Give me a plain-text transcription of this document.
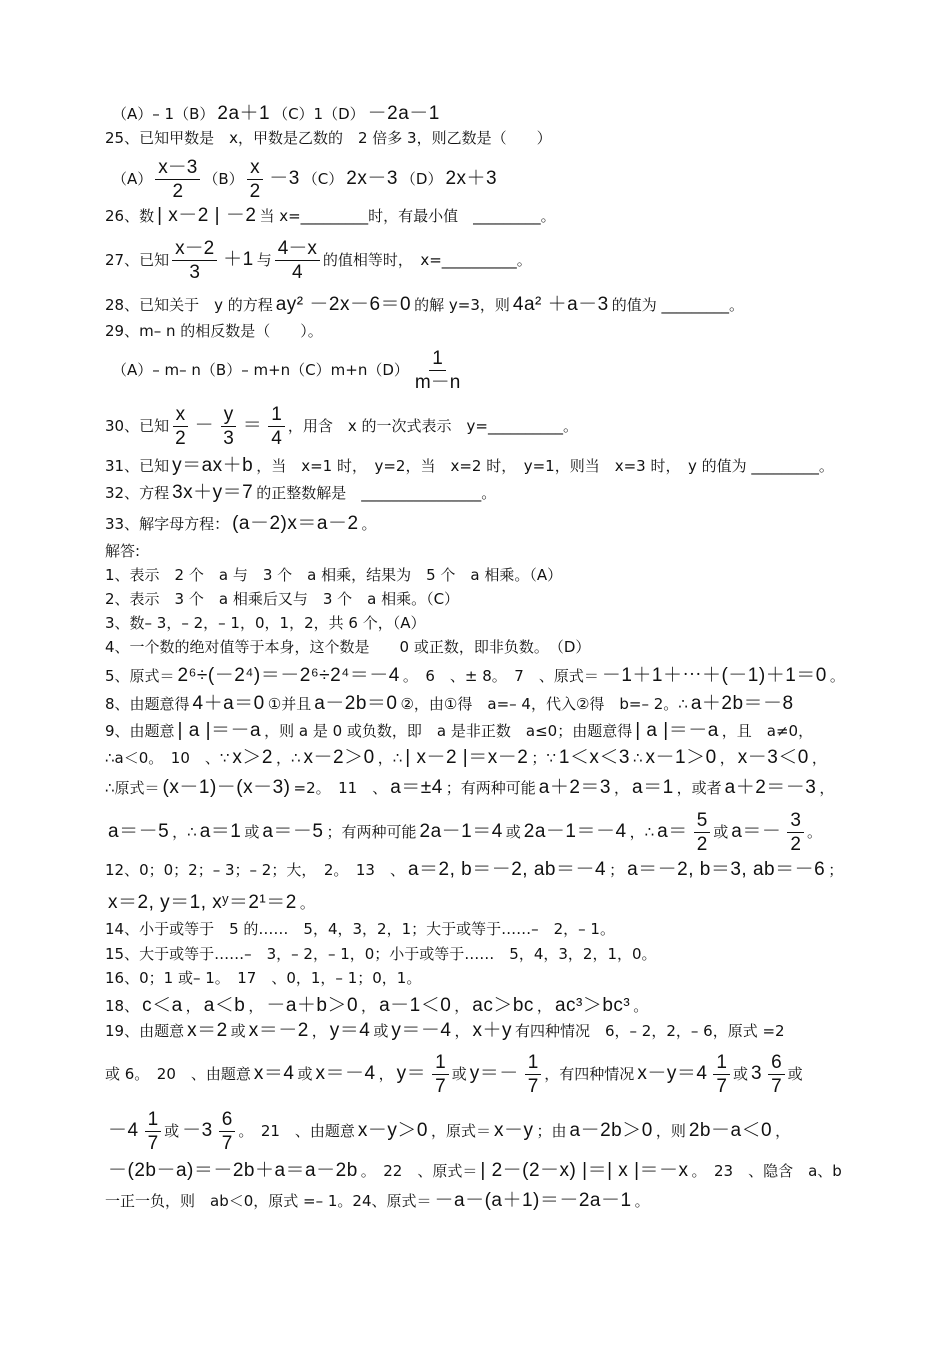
（A）– 1（B） 2a＋1 （C）1（D） －2a－1
25、已知甲数是　x，甲数是乙数的　2 倍多 3，则乙数是（　　）
$(A) \frac{x-3}{2} (B) \frac{x}{2} -3$ （C） 2x－3 （D） 2x＋3
26、数 | x－2 | －2 当 x=_________时，有最小值　_________。
27、已知 $\frac{x-2}{3} +1$ 与 $\frac{4-x}{4}$ 的值相等时，　x=__________。
28、已知关于　y 的方程 ay² －2x－6＝0 的解 y=3，则 4a² ＋a－3 的值为 _________。
29、m– n 的相反数是（　　）。
（A）– m– n（B）– $m+n(C)m+n(D) \frac{1}{m-n}$
30、已知 $\frac{x}{2} - \frac{y}{3} = \frac{1}{4}$ ，用含　x 的一次式表示　y=__________。
31、已知 y＝ax＋b ，当　x=1 时，　y=2，当　x=2 时，　y=1，则当　x=3 时，　y 的值为 _________。
32、方程 3x＋y＝7 的正整数解是　________________。
33、解字母方程： (a－2)x＝a－2 。
解答:
1、表示　2 个　a 与　3 个　a 相乘，结果为　5 个　a 相乘。（A）
2、表示　3 个　a 相乘后又与　3 个　a 相乘。（C）
3、数– 3，– 2，– 1，0，1，2，共 6 个，（A）
4、一个数的绝对值等于本身，这个数是　　0 或正数，即非负数。　（D）
5、原式＝ 2⁶÷(－2⁴)＝－2⁶÷2⁴＝－4 。　6　、± 8。　7　、原式＝ －1＋1＋⋯＋(－1)＋1＝0 。
8、由题意得 4＋a＝0 ①并且 a－2b＝0 ②，由①得　a=– 4，代入②得　b=– 2。∴ a＋2b＝－8
9、由题意 | a |＝－a ，则 a 是 0 或负数，即　a 是非正数　a≤0；由题意得 | a |＝－a ，且　a≠0，
∴a＜0。　10　、∵ x＞2 ，∴ x－2＞0 ，∴ | x－2 |＝x－2 ；∵ 1＜x＜3 ∴ x－1＞0 ， x－3＜0 ，
∴原式＝ (x－1)－(x－3) =2。　11　、 a＝±4 ；有两种可能 a＋2＝3 ， a＝1 ，或者 a＋2＝－3 ，
a＝－5 ，∴ a＝1 或 a＝－5 ；有两种可能 2a－1＝4 或 2a－1＝－4 ，∴ $a= \frac{5}{2}$ 或 $a=- \frac{3}{2}$ 。
12、0；0；2；– 3；– 2；大，　2。　13　、 a＝2, b＝－2, ab＝－4 ； a＝－2, b＝3, ab＝－6 ；
x＝2, y＝1, xʸ＝2¹＝2 。
14、小于或等于　5 的……　5，4，3，2，1；大于或等于……–　2，– 1。
15、大于或等于……–　3，– 2，– 1，0；小于或等于……　5，4，3，2，1，0。
16、0；1 或– 1。　17　、0，1，– 1；0，1。
18、 c＜a ， a＜b ， －a＋b＞0 ， a－1＜0 ， ac＞bc ， ac³＞bc³ 。
19、由题意 x＝2 或 x＝－2 ， y＝4 或 y＝－4 ， x＋y 有四种情况　6，– 2，2，– 6，原式 =2
或 6。　20　、由题意 x＝4 或 x＝－4 ， $y= \frac{1}{7}$ 或 $y=- \frac{1}{7}$ ，有四种情况 $x-y=4 \frac{1}{7}$ 或 $3 \frac{6}{7}$ 或
$-4 \frac{1}{7}$ 或 $-3 \frac{6}{7}$ 。　21　、由题意 x－y＞0 ，原式＝ x－y ；由 a－2b＞0 ，则 2b－a＜0 ，
－(2b－a)＝－2b＋a＝a－2b 。　22　、原式＝ | 2－(2－x) |＝| x |＝－x 。　23　、隐含　a、b
一正一负，则　ab＜0，原式 =– 1。24、原式＝ －a－(a＋1)＝－2a－1 。
